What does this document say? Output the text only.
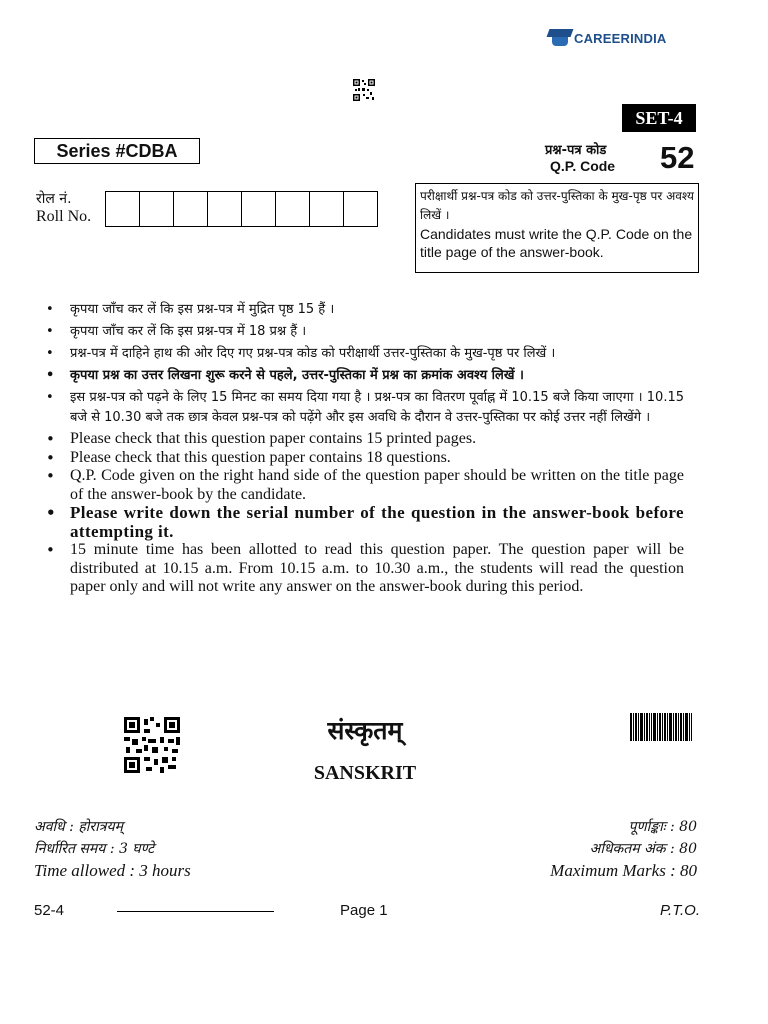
CAREERINDIA
SET-4
Series #CDBA	प्रश्न-पत्र कोड
Q.P. Code	52
रोल नं.
Roll No.
परीक्षार्थी प्रश्न-पत्र कोड को उत्तर-पुस्तिका के मुख-पृष्ठ पर अवश्य लिखें ।
Candidates must write the Q.P. Code on the title page of the answer-book.
• कृपया जाँच कर लें कि इस प्रश्न-पत्र में मुद्रित पृष्ठ 15 हैं ।
• कृपया जाँच कर लें कि इस प्रश्न-पत्र में 18 प्रश्न हैं ।
• प्रश्न-पत्र में दाहिने हाथ की ओर दिए गए प्रश्न-पत्र कोड को परीक्षार्थी उत्तर-पुस्तिका के मुख-पृष्ठ पर लिखें ।
• कृपया प्रश्न का उत्तर लिखना शुरू करने से पहले, उत्तर-पुस्तिका में प्रश्न का क्रमांक अवश्य लिखें ।
• इस प्रश्न-पत्र को पढ़ने के लिए 15 मिनट का समय दिया गया है । प्रश्न-पत्र का वितरण पूर्वाह्न में 10.15 बजे किया जाएगा । 10.15 बजे से 10.30 बजे तक छात्र केवल प्रश्न-पत्र को पढ़ेंगे और इस अवधि के दौरान वे उत्तर-पुस्तिका पर कोई उत्तर नहीं लिखेंगे ।
• Please check that this question paper contains 15 printed pages.
• Please check that this question paper contains 18 questions.
• Q.P. Code given on the right hand side of the question paper should be written on the title page of the answer-book by the candidate.
• Please write down the serial number of the question in the answer-book before attempting it.
• 15 minute time has been allotted to read this question paper. The question paper will be distributed at 10.15 a.m. From 10.15 a.m. to 10.30 a.m., the students will read the question paper only and will not write any answer on the answer-book during this period.
संस्कृतम्
SANSKRIT
अवधि : होरात्रयम्
निर्धारित समय : 3 घण्टे
Time allowed : 3 hours
पूर्णाङ्काः : 80
अधिकतम अंक : 80
Maximum Marks : 80
52-4	Page 1	P.T.O.
